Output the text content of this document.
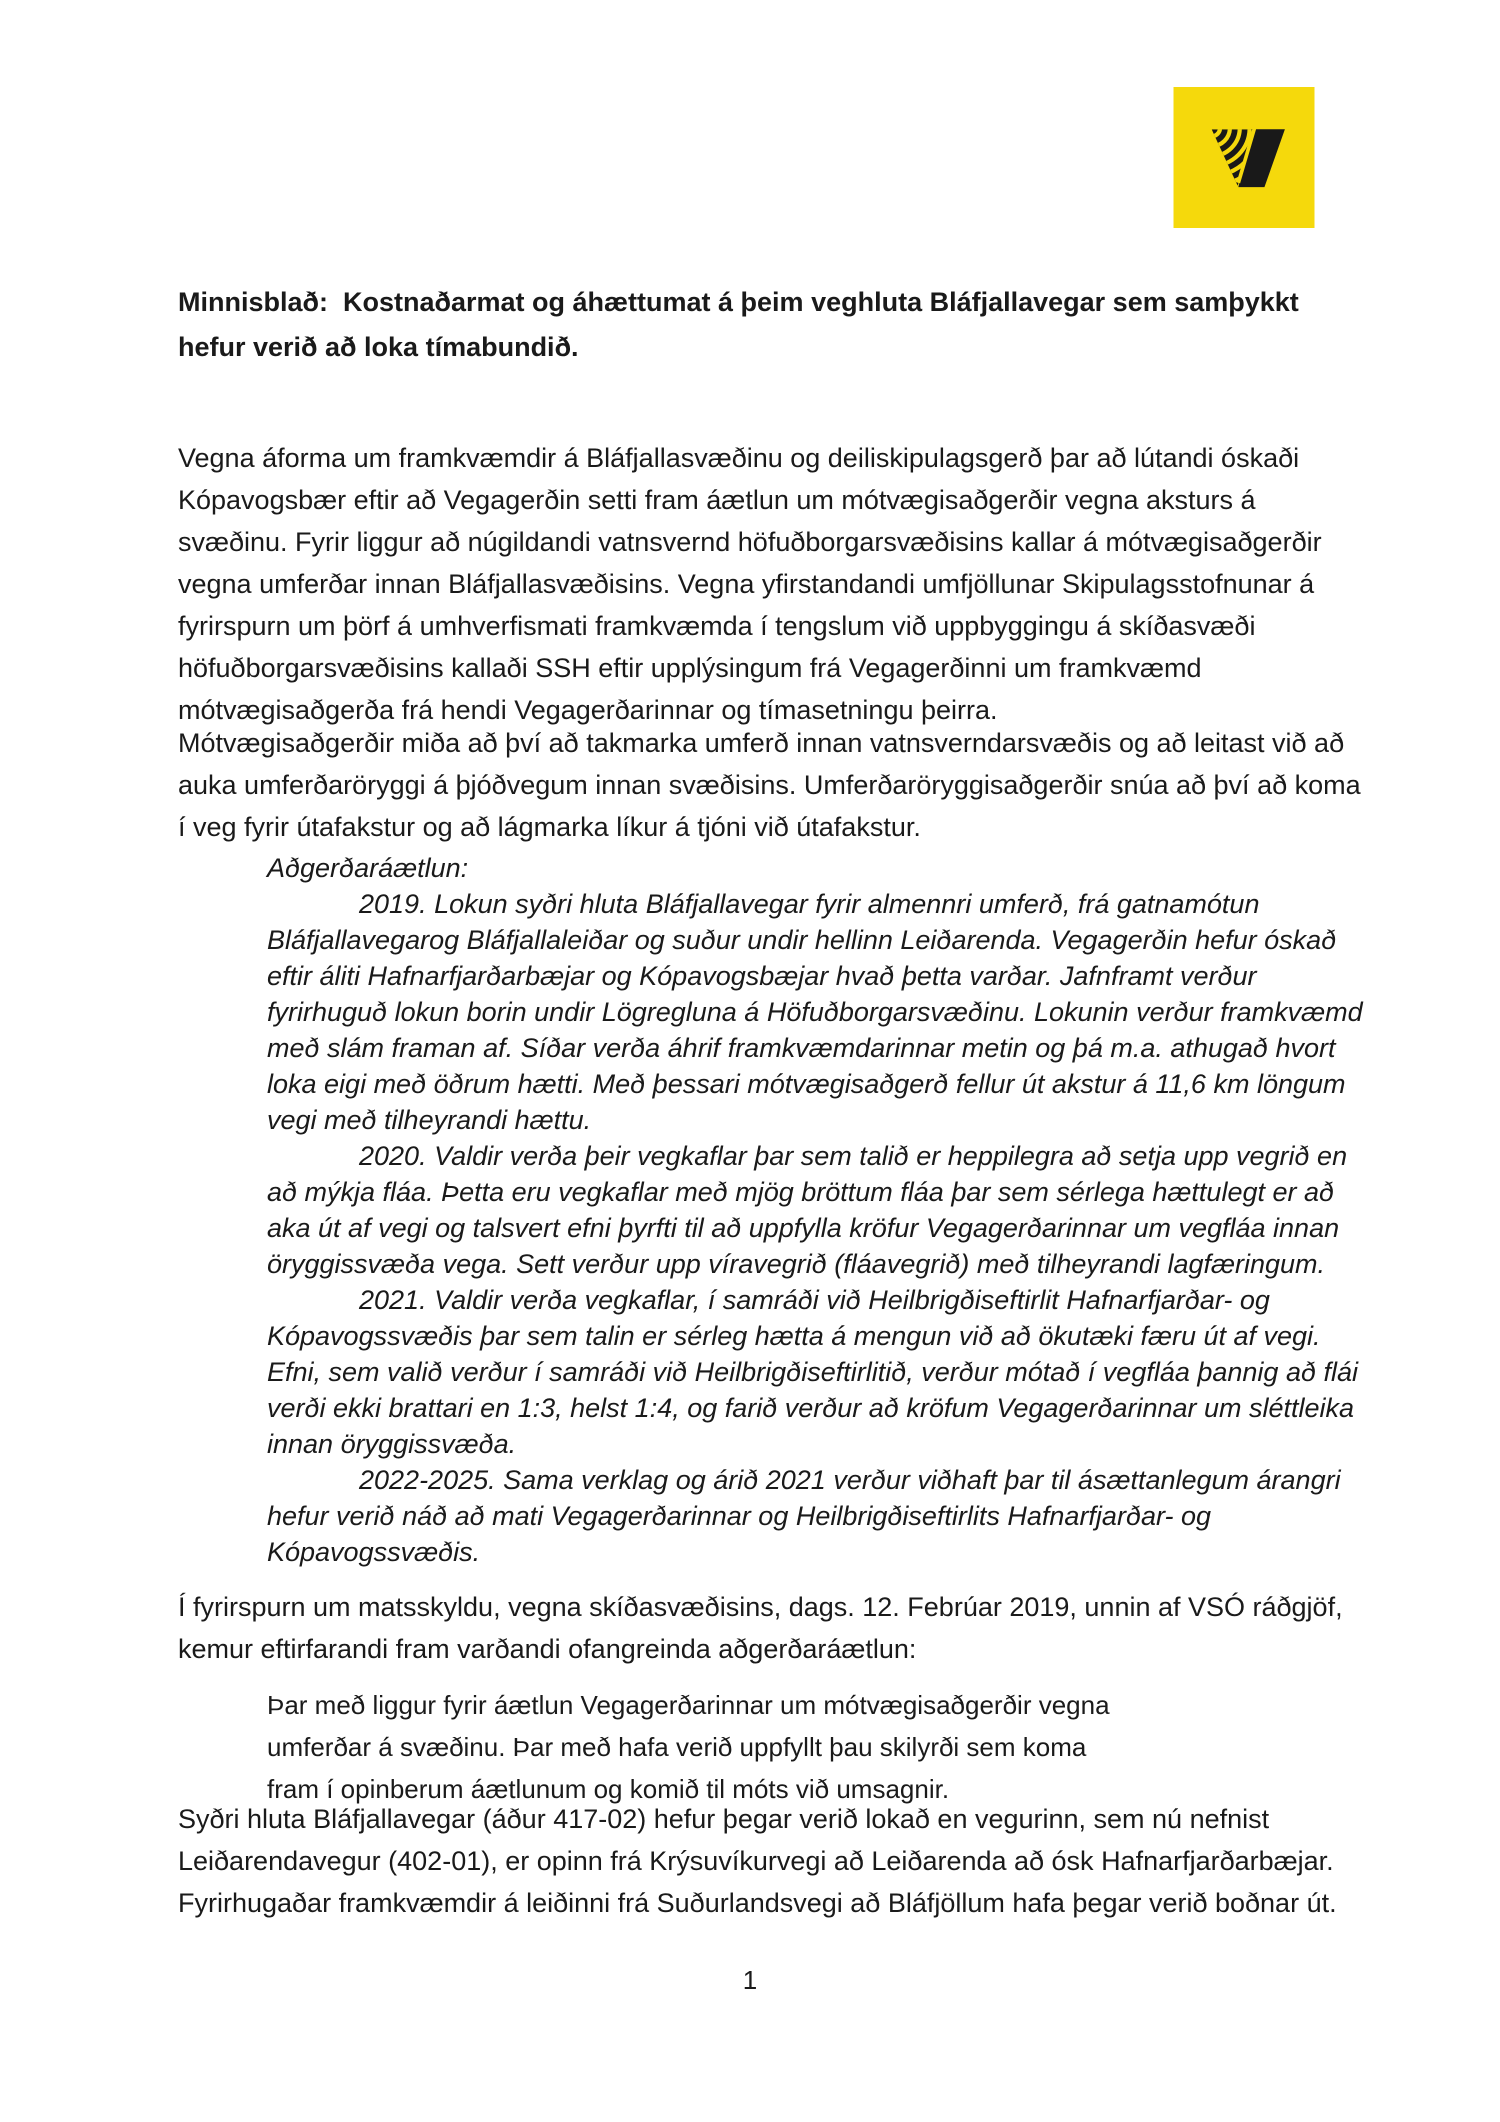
Minnisblað:  Kostnaðarmat og áhættumat á þeim veghluta Bláfjallavegar sem samþykkt hefur verið að loka tímabundið.
Vegna áforma um framkvæmdir á Bláfjallasvæðinu og deiliskipulagsgerð þar að lútandi óskaði Kópavogsbær eftir að Vegagerðin setti fram áætlun um mótvægisaðgerðir vegna aksturs á svæðinu. Fyrir liggur að núgildandi vatnsvernd höfuðborgarsvæðisins kallar á mótvægisaðgerðir vegna umferðar innan Bláfjallasvæðisins. Vegna yfirstandandi umfjöllunar Skipulagsstofnunar á fyrirspurn um þörf á umhverfismati framkvæmda í tengslum við uppbyggingu á skíðasvæði höfuðborgarsvæðisins kallaði SSH eftir upplýsingum frá Vegagerðinni um framkvæmd mótvægisaðgerða frá hendi Vegagerðarinnar og tímasetningu þeirra.
Mótvægisaðgerðir miða að því að takmarka umferð innan vatnsverndarsvæðis og að leitast við að auka umferðaröryggi á þjóðvegum innan svæðisins. Umferðaröryggisaðgerðir snúa að því að koma í veg fyrir útafakstur og að lágmarka líkur á tjóni við útafakstur.

Aðgerðaráætlun:

2019. Lokun syðri hluta Bláfjallavegar fyrir almennri umferð, frá gatnamótun Bláfjallavegarog Bláfjallaleiðar og suður undir hellinn Leiðarenda. Vegagerðin hefur óskað eftir áliti Hafnarfjarðarbæjar og Kópavogsbæjar hvað þetta varðar. Jafnframt verður fyrirhuguð lokun borin undir Lögregluna á Höfuðborgarsvæðinu. Lokunin verður framkvæmd með slám framan af. Síðar verða áhrif framkvæmdarinnar metin og þá m.a. athugað hvort loka eigi með öðrum hætti. Með þessari mótvægisaðgerð fellur út akstur á 11,6 km löngum vegi með tilheyrandi hættu.

2020. Valdir verða þeir vegkaflar þar sem talið er heppilegra að setja upp vegrið en að mýkja fláa. Þetta eru vegkaflar með mjög bröttum fláa þar sem sérlega hættulegt er að aka út af vegi og talsvert efni þyrfti til að uppfylla kröfur Vegagerðarinnar um vegfláa innan öryggissvæða vega. Sett verður upp víravegrið (fláavegrið) með tilheyrandi lagfæringum.

2021. Valdir verða vegkaflar, í samráði við Heilbrigðiseftirlit Hafnarfjarðar- og Kópavogssvæðis þar sem talin er sérleg hætta á mengun við að ökutæki færu út af vegi. Efni, sem valið verður í samráði við Heilbrigðiseftirlitið, verður mótað í vegfláa þannig að flái verði ekki brattari en 1:3, helst 1:4, og farið verður að kröfum Vegagerðarinnar um sléttleika innan öryggissvæða.

2022-2025. Sama verklag og árið 2021 verður viðhaft þar til ásættanlegum árangri hefur verið náð að mati Vegagerðarinnar og Heilbrigðiseftirlits Hafnarfjarðar- og Kópavogssvæðis.

Í fyrirspurn um matsskyldu, vegna skíðasvæðisins, dags. 12. Febrúar 2019, unnin af VSÓ ráðgjöf, kemur eftirfarandi fram varðandi ofangreinda aðgerðaráætlun:
Þar með liggur fyrir áætlun Vegagerðarinnar um mótvægisaðgerðir vegna umferðar á svæðinu. Þar með hafa verið uppfyllt þau skilyrði sem koma fram í opinberum áætlunum og komið til móts við umsagnir.
Syðri hluta Bláfjallavegar (áður 417-02) hefur þegar verið lokað en vegurinn, sem nú nefnist Leiðarendavegur (402-01), er opinn frá Krýsuvíkurvegi að Leiðarenda að ósk Hafnarfjarðarbæjar. Fyrirhugaðar framkvæmdir á leiðinni frá Suðurlandsvegi að Bláfjöllum hafa þegar verið boðnar út.
1
